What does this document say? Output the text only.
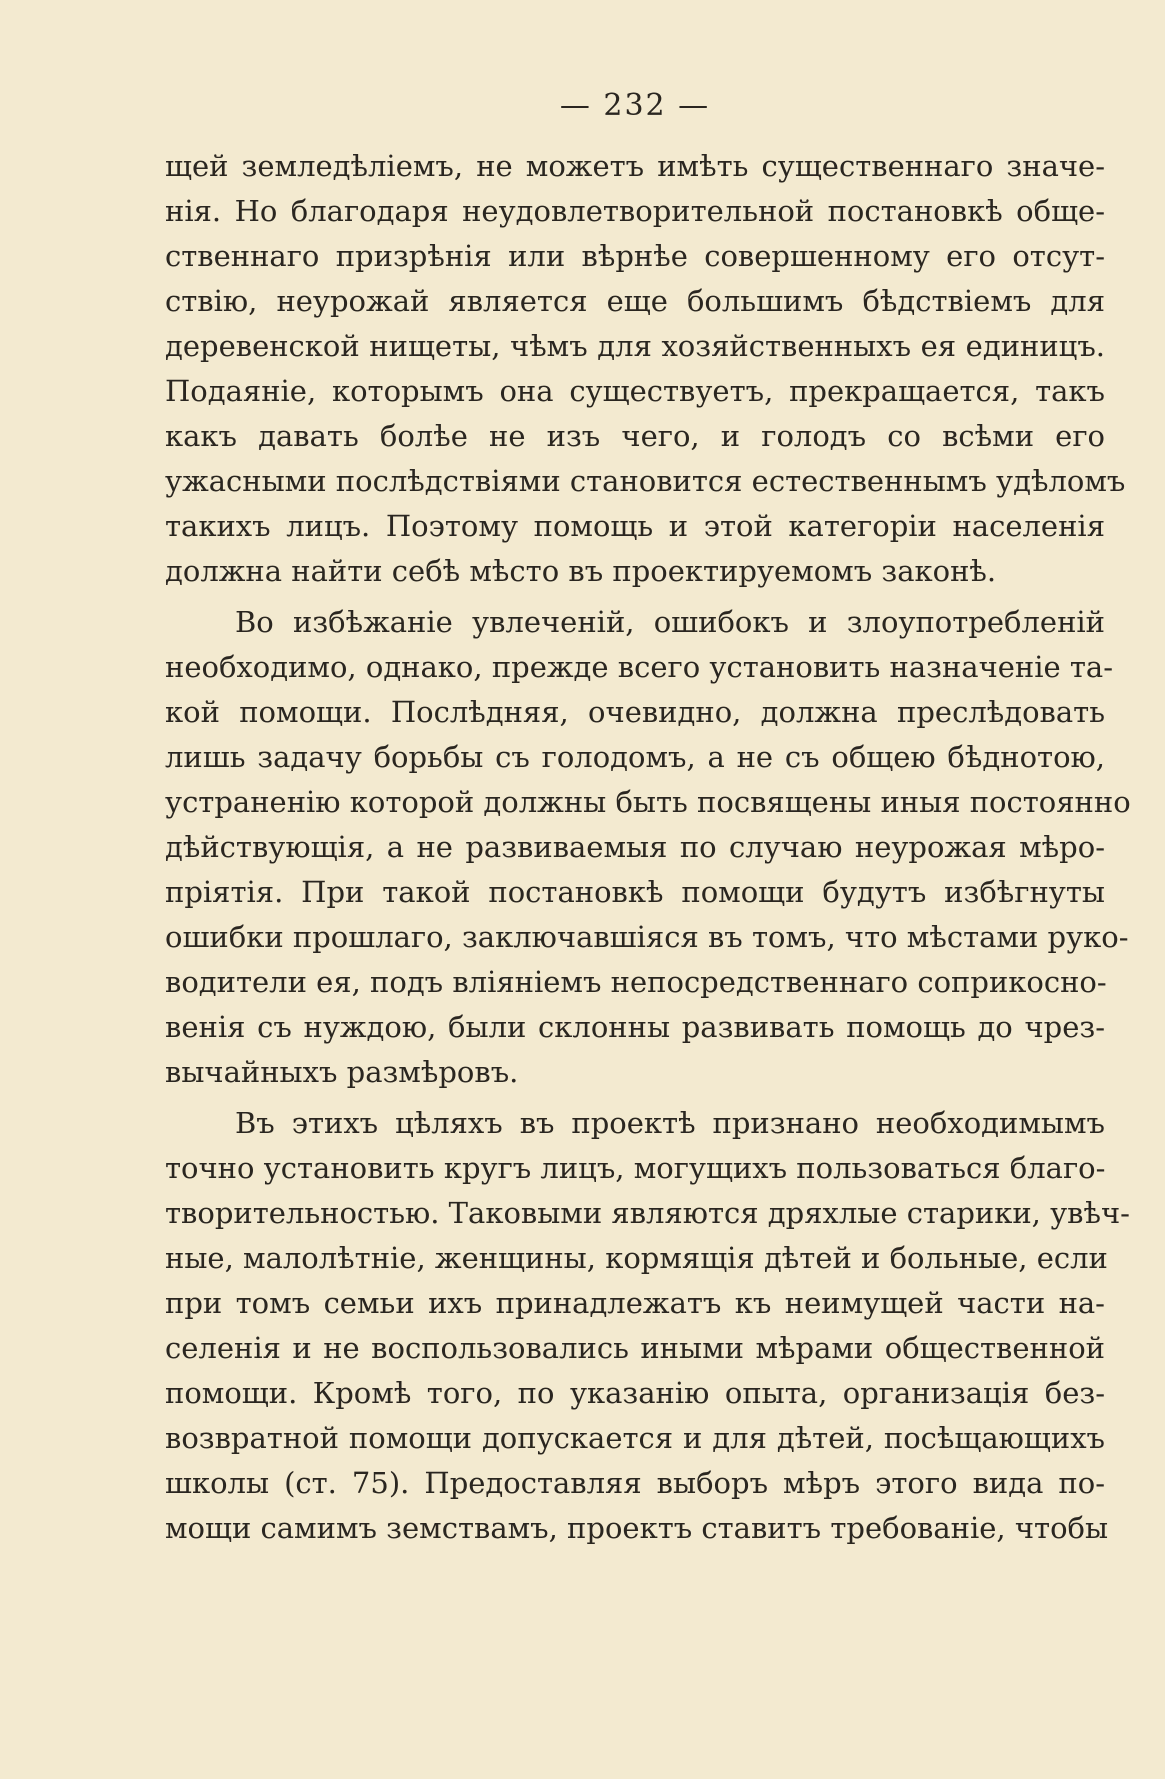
— 232 —
щей земледѣліемъ, не можетъ имѣть существеннаго значе-
нія. Но благодаря неудовлетворительной постановкѣ обще-
ственнаго призрѣнія или вѣрнѣе совершенному его отсут-
ствію, неурожай является еще большимъ бѣдствіемъ для
деревенской нищеты, чѣмъ для хозяйственныхъ ея единицъ.
Подаяніе, которымъ она существуетъ, прекращается, такъ
какъ давать болѣе не изъ чего, и голодъ со всѣми его
ужасными послѣдствіями становится естественнымъ удѣломъ
такихъ лицъ. Поэтому помощь и этой категоріи населенія
должна найти себѣ мѣсто въ проектируемомъ законѣ.
Во избѣжаніе увлеченій, ошибокъ и злоупотребленій
необходимо, однако, прежде всего установить назначеніе та-
кой помощи. Послѣдняя, очевидно, должна преслѣдовать
лишь задачу борьбы съ голодомъ, а не съ общею бѣднотою,
устраненію которой должны быть посвящены иныя постоянно
дѣйствующія, а не развиваемыя по случаю неурожая мѣро-
пріятія. При такой постановкѣ помощи будутъ избѣгнуты
ошибки прошлаго, заключавшіяся въ томъ, что мѣстами руко-
водители ея, подъ вліяніемъ непосредственнаго соприкосно-
венія съ нуждою, были склонны развивать помощь до чрез-
вычайныхъ размѣровъ.
Въ этихъ цѣляхъ въ проектѣ признано необходимымъ
точно установить кругъ лицъ, могущихъ пользоваться благо-
творительностью. Таковыми являются дряхлые старики, увѣч-
ные, малолѣтніе, женщины, кормящія дѣтей и больные, если
при томъ семьи ихъ принадлежатъ къ неимущей части на-
селенія и не воспользовались иными мѣрами общественной
помощи. Кромѣ того, по указанію опыта, организація без-
возвратной помощи допускается и для дѣтей, посѣщающихъ
школы (ст. 75). Предоставляя выборъ мѣръ этого вида по-
мощи самимъ земствамъ, проектъ ставитъ требованіе, чтобы
